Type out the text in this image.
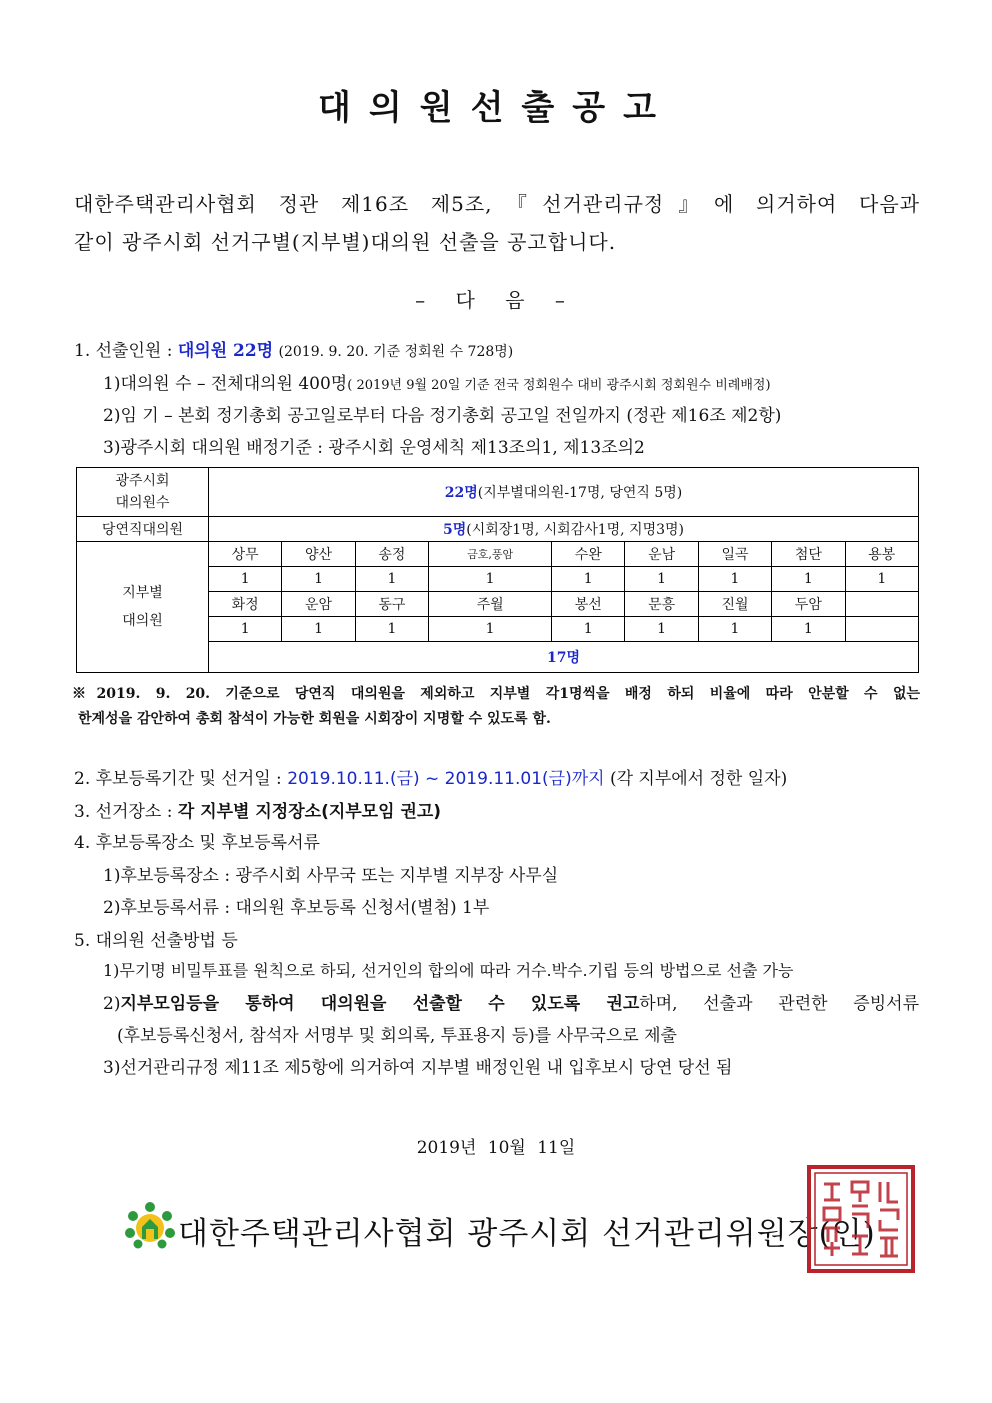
대의원선출공고
대한주택관리사협회 정관 제16조 제5조,『선거관리규정』에 의거하여 다음과
같이 광주시회 선거구별(지부별)대의원 선출을 공고합니다.
– 다 음 –
1. 선출인원 : 대의원 22명 (2019. 9. 20. 기준 정회원 수 728명)
1)대의원 수 – 전체대의원 400명( 2019년 9월 20일 기준 전국 정회원수 대비 광주시회 정회원수 비례배정)
2)임 기 – 본회 정기총회 공고일로부터 다음 정기총회 공고일 전일까지 (정관 제16조 제2항)
3)광주시회 대의원 배정기준 : 광주시회 운영세칙 제13조의1, 제13조의2
광주시회
대의원수	22명(지부별대의원-17명, 당연직 5명)								
당연직대의원	5명(시회장1명, 시회감사1명, 지명3명)								

지부별
대의원	상무	양산	송정	금호,풍암	수완	운남	일곡	첨단	용봉
	1	1	1	1	1	1	1	1	1
	화정	운암	동구	주월	봉선	문흥	진월	두암	
	1	1	1	1	1	1	1	1	
	17명								
※2019. 9. 20. 기준으로 당연직 대의원을 제외하고 지부별 각1명씩을 배정 하되 비율에 따라 안분할 수 없는
한계성을 감안하여 총회 참석이 가능한 회원을 시회장이 지명할 수 있도록 함.
2. 후보등록기간 및 선거일 : 2019.10.11.(금) ~ 2019.11.01(금)까지 (각 지부에서 정한 일자)
3. 선거장소 : 각 지부별 지정장소(지부모임 권고)
4. 후보등록장소 및 후보등록서류
1)후보등록장소 : 광주시회 사무국 또는 지부별 지부장 사무실
2)후보등록서류 : 대의원 후보등록 신청서(별첨) 1부
5. 대의원 선출방법 등
1)무기명 비밀투표를 원칙으로 하되, 선거인의 합의에 따라 거수.박수.기립 등의 방법으로 선출 가능
2)지부모임등을 통하여 대의원을 선출할 수 있도록 권고하며, 선출과 관련한 증빙서류
(후보등록신청서, 참석자 서명부 및 회의록, 투표용지 등)를 사무국으로 제출
3)선거관리규정 제11조 제5항에 의거하여 지부별 배정인원 내 입후보시 당연 당선 됨
2019년 10월 11일
대한주택관리사협회 광주시회 선거관리위원장(인)
